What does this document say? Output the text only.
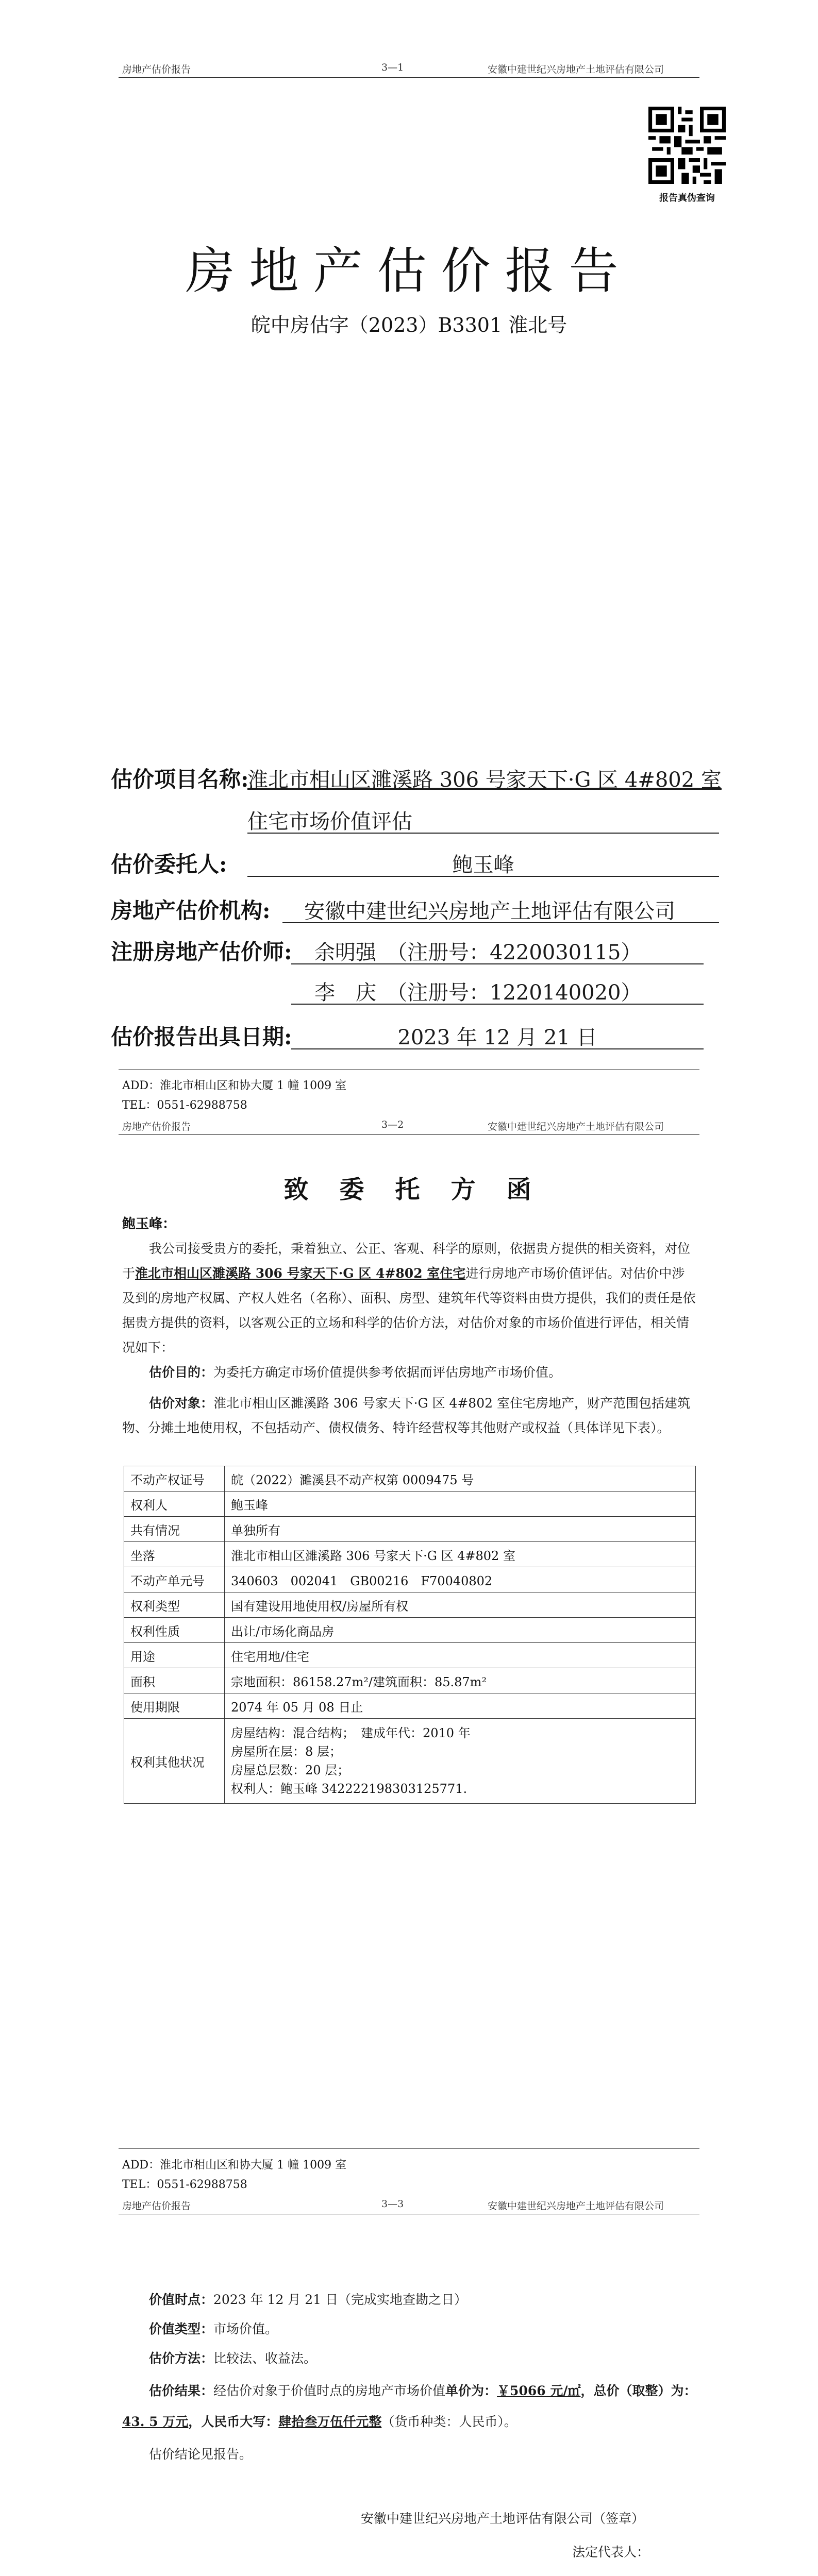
房地产估价报告	3—1	安徽中建世纪兴房地产土地评估有限公司
报告真伪查询
房地产估价报告
皖中房估字（2023）B3301 淮北号
估价项目名称:
淮北市相山区濉溪路 306 号家天下·G 区 4#802 室
住宅市场价值评估
估价委托人:	鲍玉峰
房地产估价机构: 安徽中建世纪兴房地产土地评估有限公司
注册房地产估价师: 余明强　（注册号：4220030115）
李　庆　（注册号：1220140020）
估价报告出具日期:	2023 年 12 月 21 日
ADD：淮北市相山区和协大厦 1 幢 1009 室
TEL：0551-62988758
房地产估价报告	3—2	安徽中建世纪兴房地产土地评估有限公司
致　委　托　方　函
鲍玉峰：
我公司接受贵方的委托，秉着独立、公正、客观、科学的原则，依据贵方提供的相关资料，对位于淮北市相山区濉溪路 306 号家天下·G 区 4#802 室住宅进行房地产市场价值评估。对估价中涉及到的房地产权属、产权人姓名（名称）、面积、房型、建筑年代等资料由贵方提供，我们的责任是依据贵方提供的资料，以客观公正的立场和科学的估价方法，对估价对象的市场价值进行评估，相关情况如下：
估价目的：为委托方确定市场价值提供参考依据而评估房地产市场价值。
估价对象：淮北市相山区濉溪路 306 号家天下·G 区 4#802 室住宅房地产，财产范围包括建筑物、分摊土地使用权，不包括动产、债权债务、特许经营权等其他财产或权益（具体详见下表）。
不动产权证号	皖（2022）濉溪县不动产权第 0009475 号
权利人	鲍玉峰
共有情况	单独所有
坐落	淮北市相山区濉溪路 306 号家天下·G 区 4#802 室
不动产单元号	340603　002041　GB00216　F70040802
权利类型	国有建设用地使用权/房屋所有权
权利性质	出让/市场化商品房
用途	住宅用地/住宅
面积	宗地面积：86158.27m²/建筑面积：85.87m²
使用期限	2074 年 05 月 08 日止
权利其他状况	房屋结构：混合结构；　建成年代：2010 年
房屋所在层：8 层；
房屋总层数：20 层；
权利人：鲍玉峰 342222198303125771.
ADD：淮北市相山区和协大厦 1 幢 1009 室
TEL：0551-62988758
房地产估价报告	3—3	安徽中建世纪兴房地产土地评估有限公司
价值时点：2023 年 12 月 21 日（完成实地查勘之日）
价值类型：市场价值。
估价方法：比较法、收益法。
估价结果：经估价对象于价值时点的房地产市场价值单价为：￥5066 元/㎡，总价（取整）为：43. 5 万元，人民币大写：肆拾叁万伍仟元整（货币种类：人民币）。
估价结论见报告。
安徽中建世纪兴房地产土地评估有限公司（签章）
法定代表人：
